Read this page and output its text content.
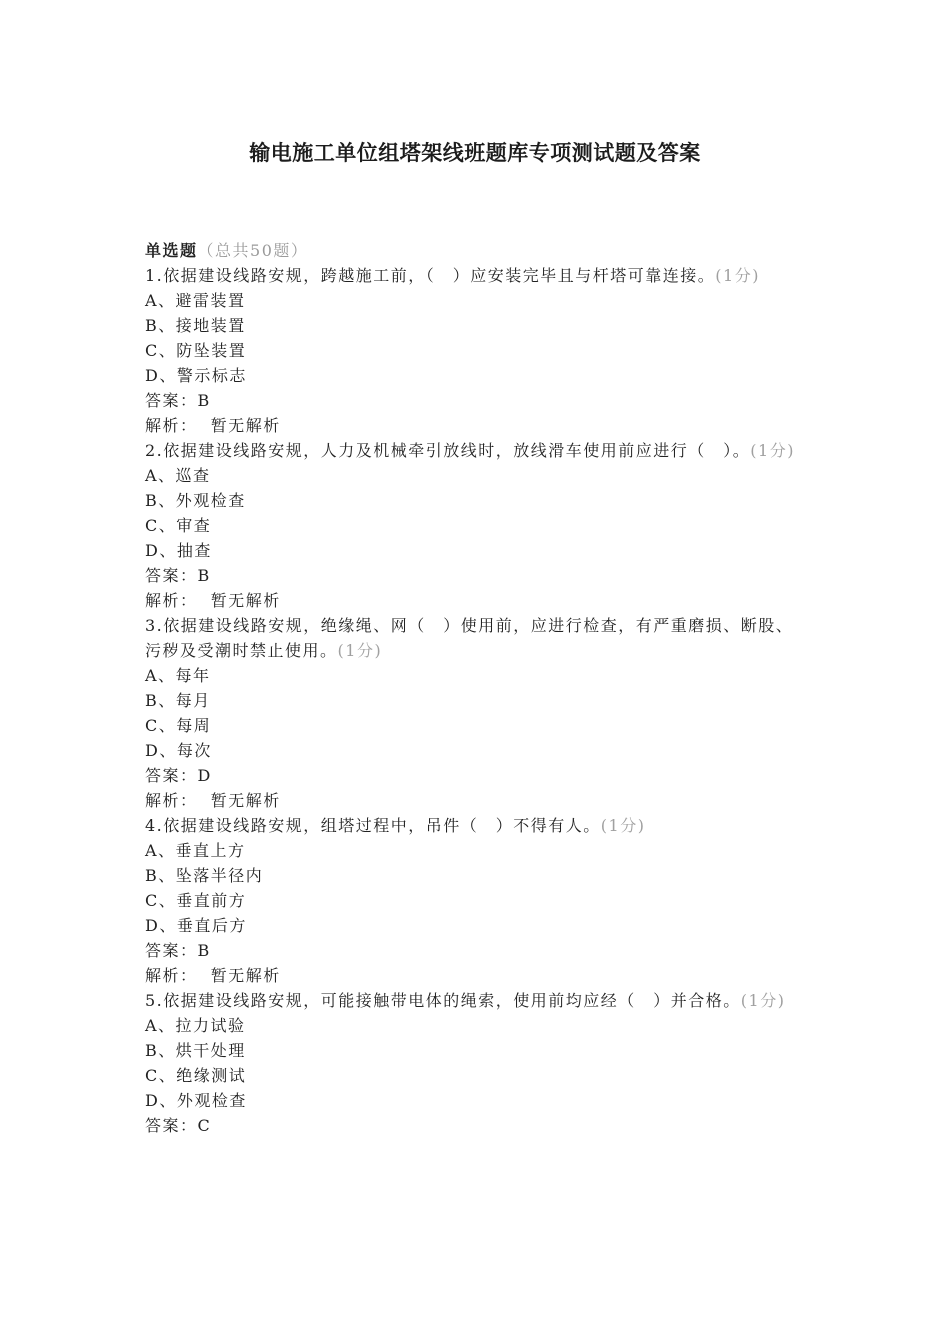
输电施工单位组塔架线班题库专项测试题及答案
单选题（总共50题）
1.依据建设线路安规，跨越施工前，（　）应安装完毕且与杆塔可靠连接。(1分)
A、避雷装置
B、接地装置
C、防坠装置
D、警示标志
答案：B
解析： 暂无解析
2.依据建设线路安规，人力及机械牵引放线时，放线滑车使用前应进行（　）。(1分)
A、巡查
B、外观检查
C、审查
D、抽查
答案：B
解析： 暂无解析
3.依据建设线路安规，绝缘绳、网（　）使用前，应进行检查，有严重磨损、断股、污秽及受潮时禁止使用。(1分)
A、每年
B、每月
C、每周
D、每次
答案：D
解析： 暂无解析
4.依据建设线路安规，组塔过程中，吊件（　）不得有人。(1分)
A、垂直上方
B、坠落半径内
C、垂直前方
D、垂直后方
答案：B
解析： 暂无解析
5.依据建设线路安规，可能接触带电体的绳索，使用前均应经（　）并合格。(1分)
A、拉力试验
B、烘干处理
C、绝缘测试
D、外观检查
答案：C
